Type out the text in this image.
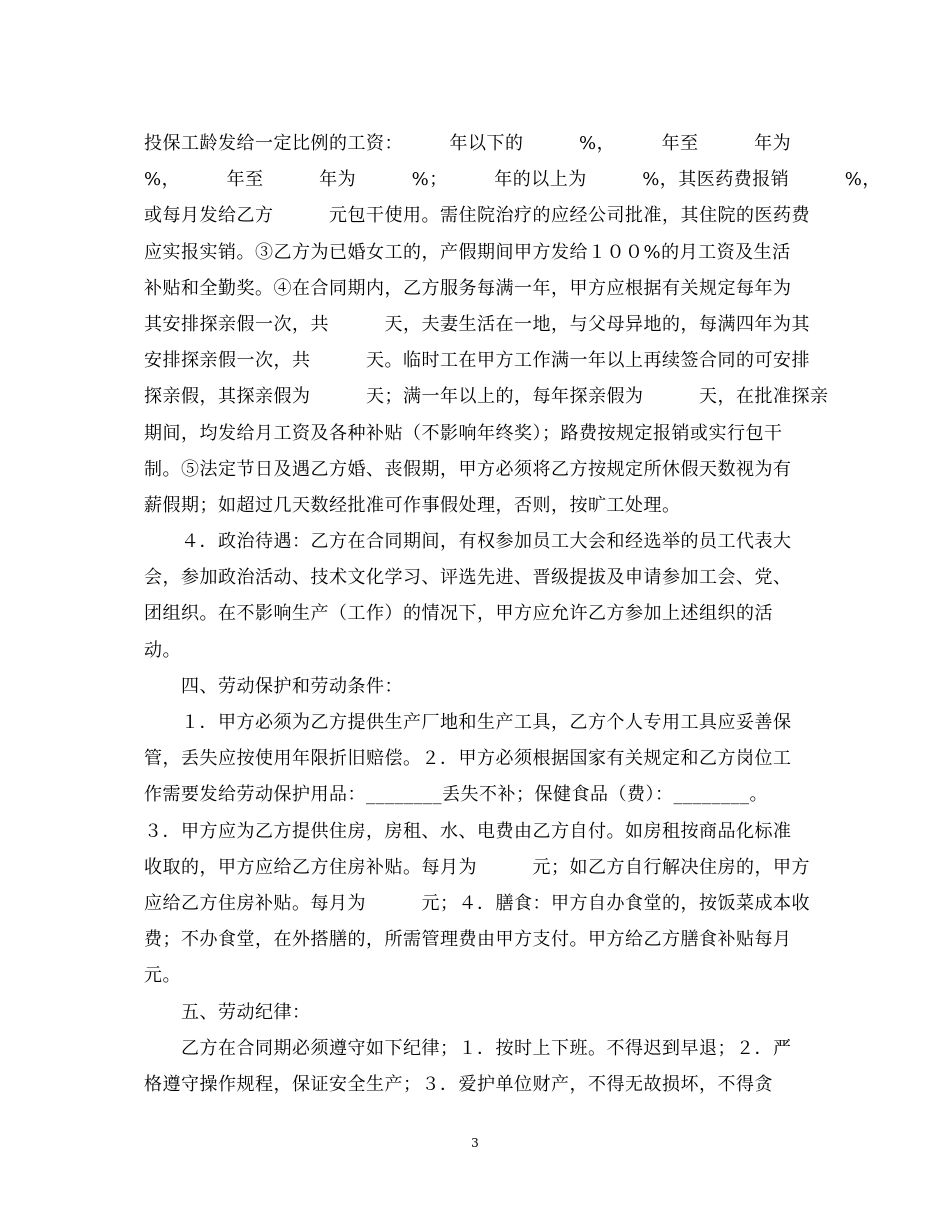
投保工龄发给一定比例的工资：　　　年以下的　　　%，　　　年至　　　年为
%，　　　年至　　　年为　　　%；　　　年的以上为　　　%，其医药费报销　　　%，
或每月发给乙方　　　元包干使用。需住院治疗的应经公司批准，其住院的医药费
应实报实销。③乙方为已婚女工的，产假期间甲方发给１００%的月工资及生活
补贴和全勤奖。④在合同期内，乙方服务每满一年，甲方应根据有关规定每年为
其安排探亲假一次，共　　　天，夫妻生活在一地，与父母异地的，每满四年为其
安排探亲假一次，共　　　天。临时工在甲方工作满一年以上再续签合同的可安排
探亲假，其探亲假为　　　天；满一年以上的，每年探亲假为　　　天，在批准探亲
期间，均发给月工资及各种补贴（不影响年终奖）；路费按规定报销或实行包干
制。⑤法定节日及遇乙方婚、丧假期，甲方必须将乙方按规定所休假天数视为有
薪假期；如超过几天数经批准可作事假处理，否则，按旷工处理。
　　４．政治待遇：乙方在合同期间，有权参加员工大会和经选举的员工代表大
会，参加政治活动、技术文化学习、评选先进、晋级提拔及申请参加工会、党、
团组织。在不影响生产（工作）的情况下，甲方应允许乙方参加上述组织的活
动。
　　四、劳动保护和劳动条件：
　　１．甲方必须为乙方提供生产厂地和生产工具，乙方个人专用工具应妥善保
管，丢失应按使用年限折旧赔偿。２．甲方必须根据国家有关规定和乙方岗位工
作需要发给劳动保护用品：________丢失不补；保健食品（费）：________。
３．甲方应为乙方提供住房，房租、水、电费由乙方自付。如房租按商品化标准
收取的，甲方应给乙方住房补贴。每月为　　　元；如乙方自行解决住房的，甲方
应给乙方住房补贴。每月为　　　元；４．膳食：甲方自办食堂的，按饭菜成本收
费；不办食堂，在外搭膳的，所需管理费由甲方支付。甲方给乙方膳食补贴每月
元。
　　五、劳动纪律：
　　乙方在合同期必须遵守如下纪律；１．按时上下班。不得迟到早退；２．严
格遵守操作规程，保证安全生产；３．爱护单位财产，不得无故损坏，不得贪
3
